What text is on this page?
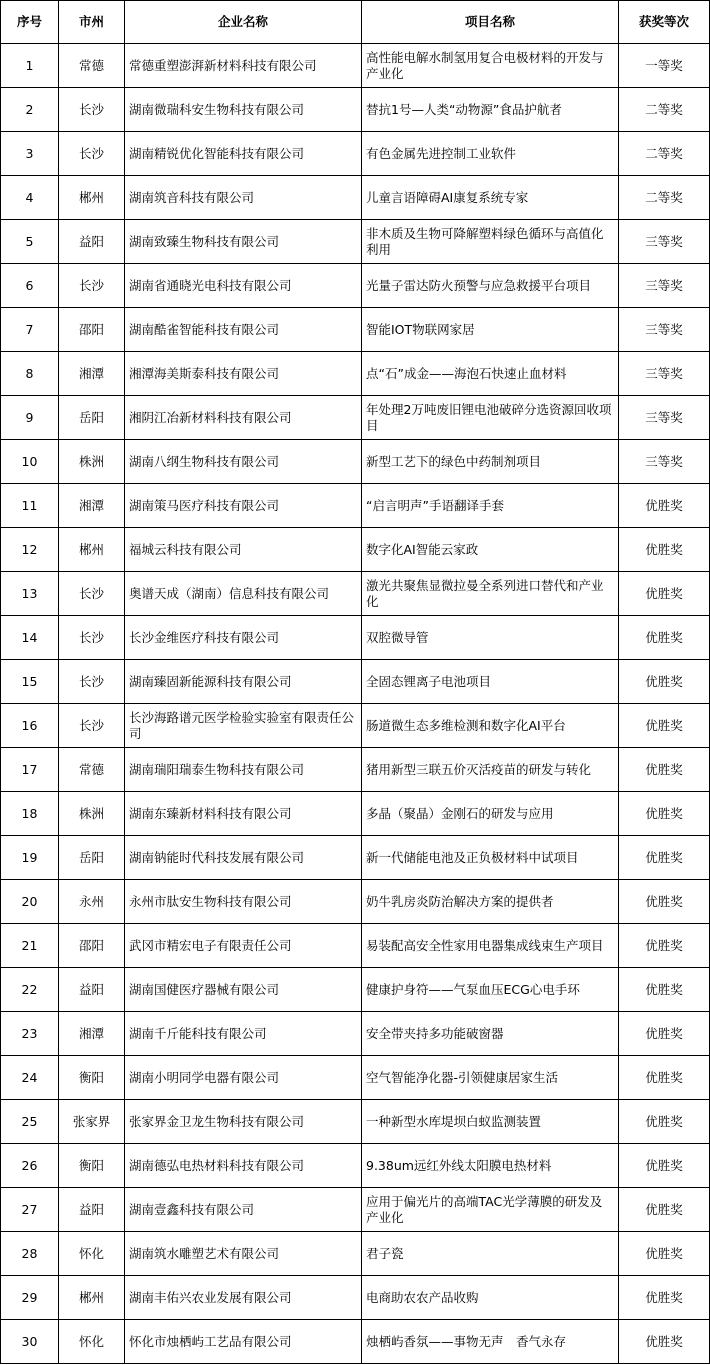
序号	市州	企业名称	项目名称	获奖等次
1	常德	常德重塑澎湃新材料科技有限公司	高性能电解水制氢用复合电极材料的开发与产业化	一等奖
2	长沙	湖南微瑞科安生物科技有限公司	替抗1号—人类“动物源”食品护航者	二等奖
3	长沙	湖南精锐优化智能科技有限公司	有色金属先进控制工业软件	二等奖
4	郴州	湖南筑音科技有限公司	儿童言语障碍AI康复系统专家	二等奖
5	益阳	湖南致臻生物科技有限公司	非木质及生物可降解塑料绿色循环与高值化利用	三等奖
6	长沙	湖南省通晓光电科技有限公司	光量子雷达防火预警与应急救援平台项目	三等奖
7	邵阳	湖南酷雀智能科技有限公司	智能IOT物联网家居	三等奖
8	湘潭	湘潭海美斯泰科技有限公司	点“石”成金——海泡石快速止血材料	三等奖
9	岳阳	湘阴江冶新材料科技有限公司	年处理2万吨废旧锂电池破碎分选资源回收项目	三等奖
10	株洲	湖南八纲生物科技有限公司	新型工艺下的绿色中药制剂项目	三等奖
11	湘潭	湖南策马医疗科技有限公司	“启言明声”手语翻译手套	优胜奖
12	郴州	福城云科技有限公司	数字化AI智能云家政	优胜奖
13	长沙	奥谱天成（湖南）信息科技有限公司	激光共聚焦显微拉曼全系列进口替代和产业化	优胜奖
14	长沙	长沙金维医疗科技有限公司	双腔微导管	优胜奖
15	长沙	湖南臻固新能源科技有限公司	全固态锂离子电池项目	优胜奖
16	长沙	长沙海路谱元医学检验实验室有限责任公司	肠道微生态多维检测和数字化AI平台	优胜奖
17	常德	湖南瑞阳瑞泰生物科技有限公司	猪用新型三联五价灭活疫苗的研发与转化	优胜奖
18	株洲	湖南东臻新材料科技有限公司	多晶（聚晶）金刚石的研发与应用	优胜奖
19	岳阳	湖南钠能时代科技发展有限公司	新一代储能电池及正负极材料中试项目	优胜奖
20	永州	永州市肽安生物科技有限公司	奶牛乳房炎防治解决方案的提供者	优胜奖
21	邵阳	武冈市精宏电子有限责任公司	易装配高安全性家用电器集成线束生产项目	优胜奖
22	益阳	湖南国健医疗器械有限公司	健康护身符——气泵血压ECG心电手环	优胜奖
23	湘潭	湖南千斤能科技有限公司	安全带夹持多功能破窗器	优胜奖
24	衡阳	湖南小明同学电器有限公司	空气智能净化器-引领健康居家生活	优胜奖
25	张家界	张家界金卫龙生物科技有限公司	一种新型水库堤坝白蚁监测装置	优胜奖
26	衡阳	湖南德弘电热材料科技有限公司	9.38um远红外线太阳膜电热材料	优胜奖
27	益阳	湖南壹鑫科技有限公司	应用于偏光片的高端TAC光学薄膜的研发及产业化	优胜奖
28	怀化	湖南筑水雕塑艺术有限公司	君子瓷	优胜奖
29	郴州	湖南丰佑兴农业发展有限公司	电商助农农产品收购	优胜奖
30	怀化	怀化市烛栖屿工艺品有限公司	烛栖屿香氛——事物无声　香气永存	优胜奖
